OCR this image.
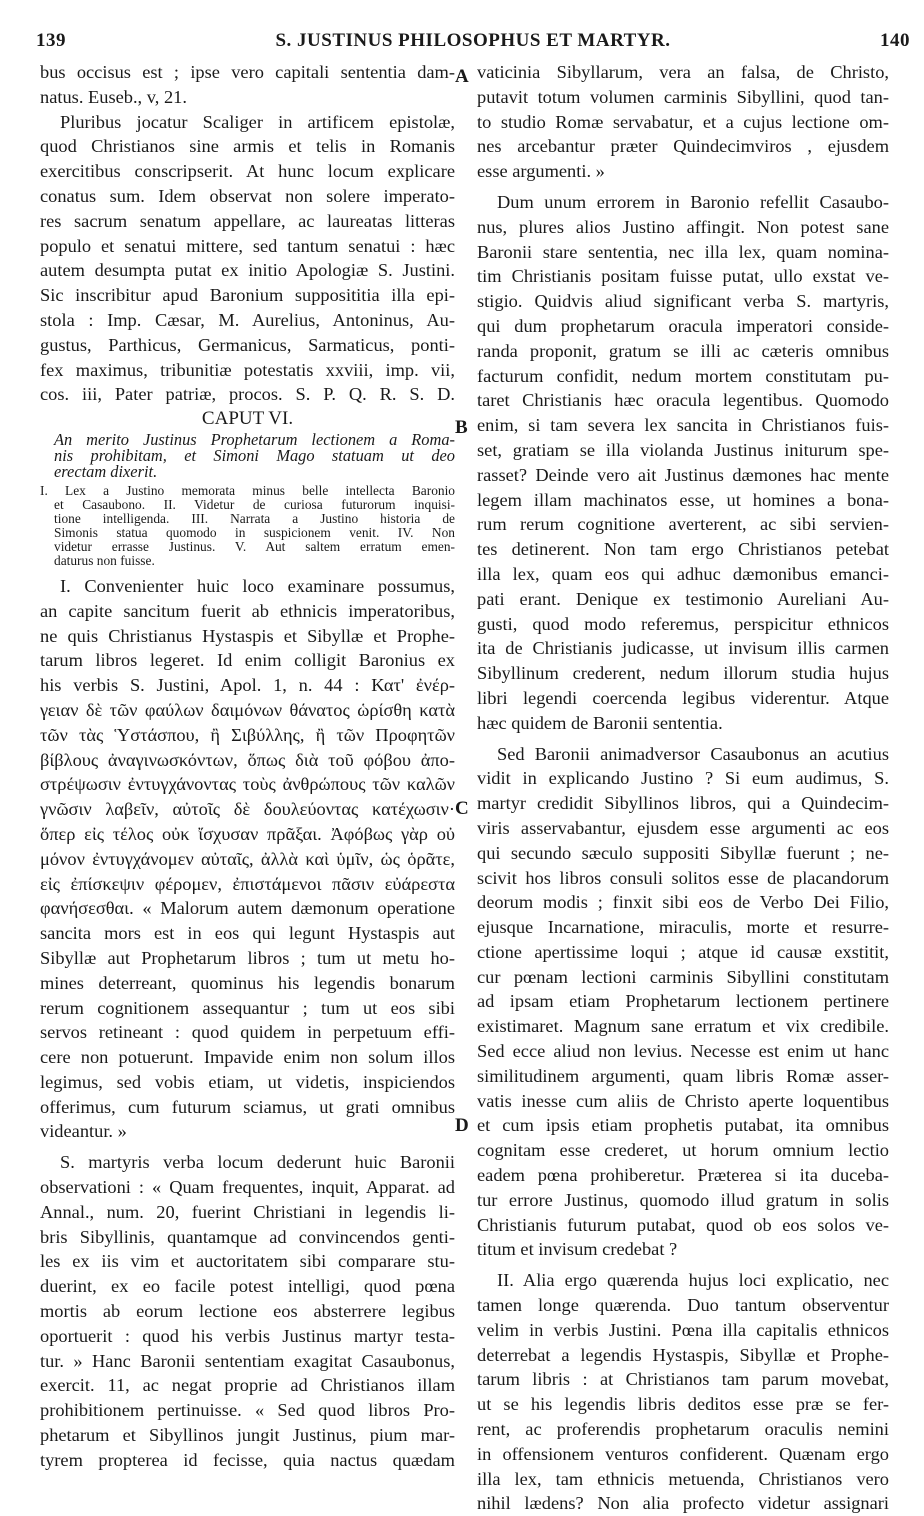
139	S. JUSTINUS PHILOSOPHUS ET MARTYR.	140
A
B
C
D
bus occisus est ; ipse vero capitali sententia dam-
natus. Euseb., v, 21.
Pluribus jocatur Scaliger in artificem epistolæ,
quod Christianos sine armis et telis in Romanis
exercitibus conscripserit. At hunc locum explicare
conatus sum. Idem observat non solere imperato-
res sacrum senatum appellare, ac laureatas litteras
populo et senatui mittere, sed tantum senatui : hæc
autem desumpta putat ex initio Apologiæ S. Justini.
Sic inscribitur apud Baronium supposititia illa epi-
stola : Imp. Cæsar, M. Aurelius, Antoninus, Au-
gustus, Parthicus, Germanicus, Sarmaticus, ponti-
fex maximus, tribunitiæ potestatis xxviii, imp. vii,
cos. iii, Pater patriæ, procos. S. P. Q. R. S. D.
CAPUT VI.
An merito Justinus Prophetarum lectionem a Roma-
nis prohibitam, et Simoni Mago statuam ut deo
erectam dixerit.
I. Lex a Justino memorata minus belle intellecta Baronio
et Casaubono. II. Videtur de curiosa futurorum inquisi-
tione intelligenda. III. Narrata a Justino historia de
Simonis statua quomodo in suspicionem venit. IV. Non
videtur errasse Justinus. V. Aut saltem erratum emen-
daturus non fuisse.
I. Convenienter huic loco examinare possumus,
an capite sancitum fuerit ab ethnicis imperatoribus,
ne quis Christianus Hystaspis et Sibyllæ et Prophe-
tarum libros legeret. Id enim colligit Baronius ex
his verbis S. Justini, Apol. 1, n. 44 : Κατ' ἐνέρ-
γειαν δὲ τῶν φαύλων δαιμόνων θάνατος ὡρίσθη κατὰ
τῶν τὰς Ὑστάσπου, ἢ Σιβύλλης, ἢ τῶν Προφητῶν
βίβλους ἀναγινωσκόντων, ὅπως διὰ τοῦ φόβου ἀπο-
στρέψωσιν ἐντυγχάνοντας τοὺς ἀνθρώπους τῶν καλῶν
γνῶσιν λαβεῖν, αὐτοῖς δὲ δουλεύοντας κατέχωσιν·
ὅπερ εἰς τέλος οὐκ ἴσχυσαν πρᾶξαι. Ἀφόβως γὰρ οὐ
μόνον ἐντυγχάνομεν αὐταῖς, ἀλλὰ καὶ ὑμῖν, ὡς ὁρᾶτε,
εἰς ἐπίσκεψιν φέρομεν, ἐπιστάμενοι πᾶσιν εὐάρεστα
φανήσεσθαι. « Malorum autem dæmonum operatione
sancita mors est in eos qui legunt Hystaspis aut
Sibyllæ aut Prophetarum libros ; tum ut metu ho-
mines deterreant, quominus his legendis bonarum
rerum cognitionem assequantur ; tum ut eos sibi
servos retineant : quod quidem in perpetuum effi-
cere non potuerunt. Impavide enim non solum illos
legimus, sed vobis etiam, ut videtis, inspiciendos
offerimus, cum futurum sciamus, ut grati omnibus
videantur. »
S. martyris verba locum dederunt huic Baronii
observationi : « Quam frequentes, inquit, Apparat. ad
Annal., num. 20, fuerint Christiani in legendis li-
bris Sibyllinis, quantamque ad convincendos genti-
les ex iis vim et auctoritatem sibi comparare stu-
duerint, ex eo facile potest intelligi, quod pœna
mortis ab eorum lectione eos absterrere legibus
oportuerit : quod his verbis Justinus martyr testa-
tur. » Hanc Baronii sententiam exagitat Casaubonus,
exercit. 11, ac negat proprie ad Christianos illam
prohibitionem pertinuisse. « Sed quod libros Pro-
phetarum et Sibyllinos jungit Justinus, pium mar-
tyrem propterea id fecisse, quia nactus quædam
vaticinia Sibyllarum, vera an falsa, de Christo,
putavit totum volumen carminis Sibyllini, quod tan-
to studio Romæ servabatur, et a cujus lectione om-
nes arcebantur præter Quindecimviros , ejusdem
esse argumenti. »
Dum unum errorem in Baronio refellit Casaubo-
nus, plures alios Justino affingit. Non potest sane
Baronii stare sententia, nec illa lex, quam nomina-
tim Christianis positam fuisse putat, ullo exstat ve-
stigio. Quidvis aliud significant verba S. martyris,
qui dum prophetarum oracula imperatori conside-
randa proponit, gratum se illi ac cæteris omnibus
facturum confidit, nedum mortem constitutam pu-
taret Christianis hæc oracula legentibus. Quomodo
enim, si tam severa lex sancita in Christianos fuis-
set, gratiam se illa violanda Justinus initurum spe-
rasset? Deinde vero ait Justinus dæmones hac mente
legem illam machinatos esse, ut homines a bona-
rum rerum cognitione averterent, ac sibi servien-
tes detinerent. Non tam ergo Christianos petebat
illa lex, quam eos qui adhuc dæmonibus emanci-
pati erant. Denique ex testimonio Aureliani Au-
gusti, quod modo referemus, perspicitur ethnicos
ita de Christianis judicasse, ut invisum illis carmen
Sibyllinum crederent, nedum illorum studia hujus
libri legendi coercenda legibus viderentur. Atque
hæc quidem de Baronii sententia.
Sed Baronii animadversor Casaubonus an acutius
vidit in explicando Justino ? Si eum audimus, S.
martyr credidit Sibyllinos libros, qui a Quindecim-
viris asservabantur, ejusdem esse argumenti ac eos
qui secundo sæculo suppositi Sibyllæ fuerunt ; ne-
scivit hos libros consuli solitos esse de placandorum
deorum modis ; finxit sibi eos de Verbo Dei Filio,
ejusque Incarnatione, miraculis, morte et resurre-
ctione apertissime loqui ; atque id causæ exstitit,
cur pœnam lectioni carminis Sibyllini constitutam
ad ipsam etiam Prophetarum lectionem pertinere
existimaret. Magnum sane erratum et vix credibile.
Sed ecce aliud non levius. Necesse est enim ut hanc
similitudinem argumenti, quam libris Romæ asser-
vatis inesse cum aliis de Christo aperte loquentibus
et cum ipsis etiam prophetis putabat, ita omnibus
cognitam esse crederet, ut horum omnium lectio
eadem pœna prohiberetur. Præterea si ita duceba-
tur errore Justinus, quomodo illud gratum in solis
Christianis futurum putabat, quod ob eos solos ve-
titum et invisum credebat ?
II. Alia ergo quærenda hujus loci explicatio, nec
tamen longe quærenda. Duo tantum observentur
velim in verbis Justini. Pœna illa capitalis ethnicos
deterrebat a legendis Hystaspis, Sibyllæ et Prophe-
tarum libris : at Christianos tam parum movebat,
ut se his legendis libris deditos esse præ se fer-
rent, ac proferendis prophetarum oraculis nemini
in offensionem venturos confiderent. Quænam ergo
illa lex, tam ethnicis metuenda, Christianos vero
nihil lædens? Non alia profecto videtur assignari
